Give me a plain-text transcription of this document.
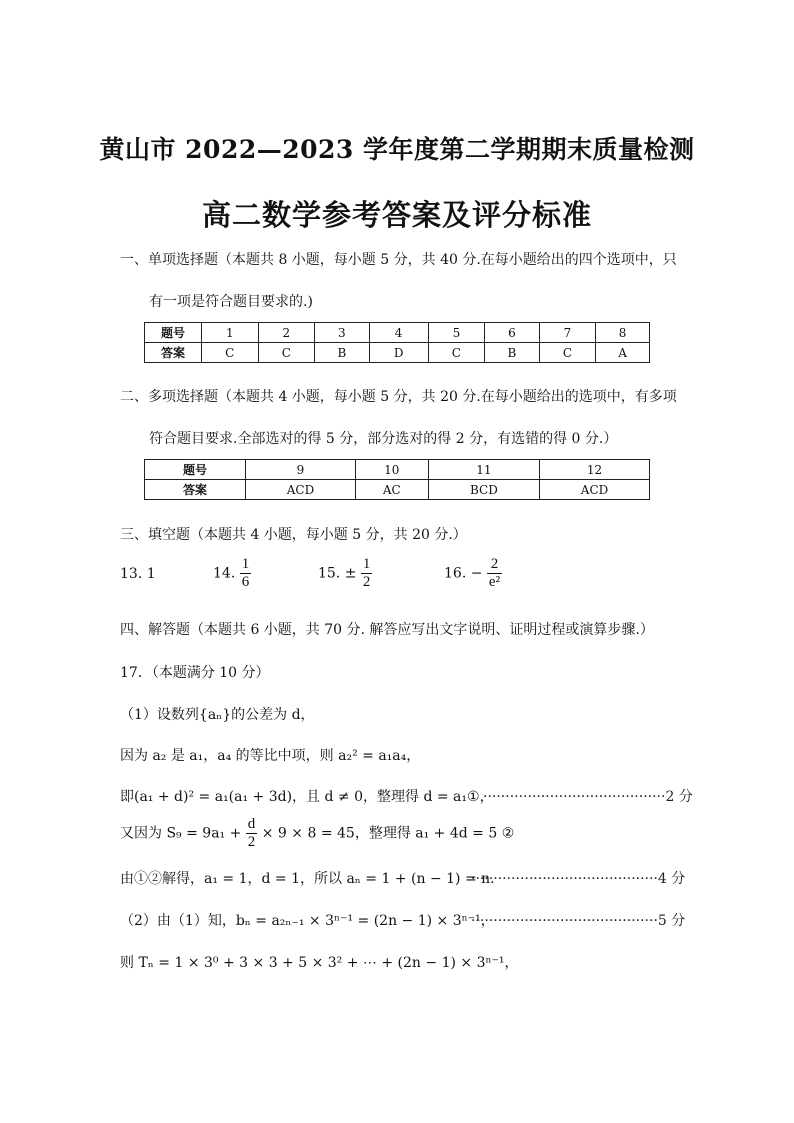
黄山市 2022—2023 学年度第二学期期末质量检测
高二数学参考答案及评分标准
一、单项选择题（本题共 8 小题，每小题 5 分，共 40 分.在每小题给出的四个选项中，只
有一项是符合题目要求的.)
题号	1	2	3	4	5	6	7	8
答案	C	C	B	D	C	B	C	A
二、多项选择题（本题共 4 小题，每小题 5 分，共 20 分.在每小题给出的选项中，有多项
符合题目要求.全部选对的得 5 分，部分选对的得 2 分，有选错的得 0 分.）
题号	9	10	11	12
答案	ACD	AC	BCD	ACD
三、填空题（本题共 4 小题，每小题 5 分，共 20 分.）
13. 1	14. $\frac{1}{6}$	15. ± $\frac{1}{2}$	16. − $\frac{2}{\text{e²}}$
四、解答题（本题共 6 小题，共 70 分. 解答应写出文字说明、证明过程或演算步骤.）
17．（本题满分 10 分）
（1）设数列{aₙ}的公差为 d，
因为 a₂ 是 a₁，a₄ 的等比中项，则 a₂² = a₁a₄，
即(a₁ + d)² = a₁(a₁ + 3d)，且 d ≠ 0，整理得 d = a₁①，
·········································2 分
又因为 $S_9 = 9a_1 + \frac{d}{2} \times 9 \times 8 = 45$，整理得 a₁ + 4d = 5 ②
由①②解得，a₁ = 1，d = 1，所以 aₙ = 1 + (n − 1) = n．
··········································4 分
（2）由（1）知，bₙ = a₂ₙ₋₁ × 3ⁿ⁻¹ = (2n − 1) × 3ⁿ⁻¹，
··········································5 分
则 Tₙ = 1 × 3⁰ + 3 × 3 + 5 × 3² + ⋯ + (2n − 1) × 3ⁿ⁻¹，
